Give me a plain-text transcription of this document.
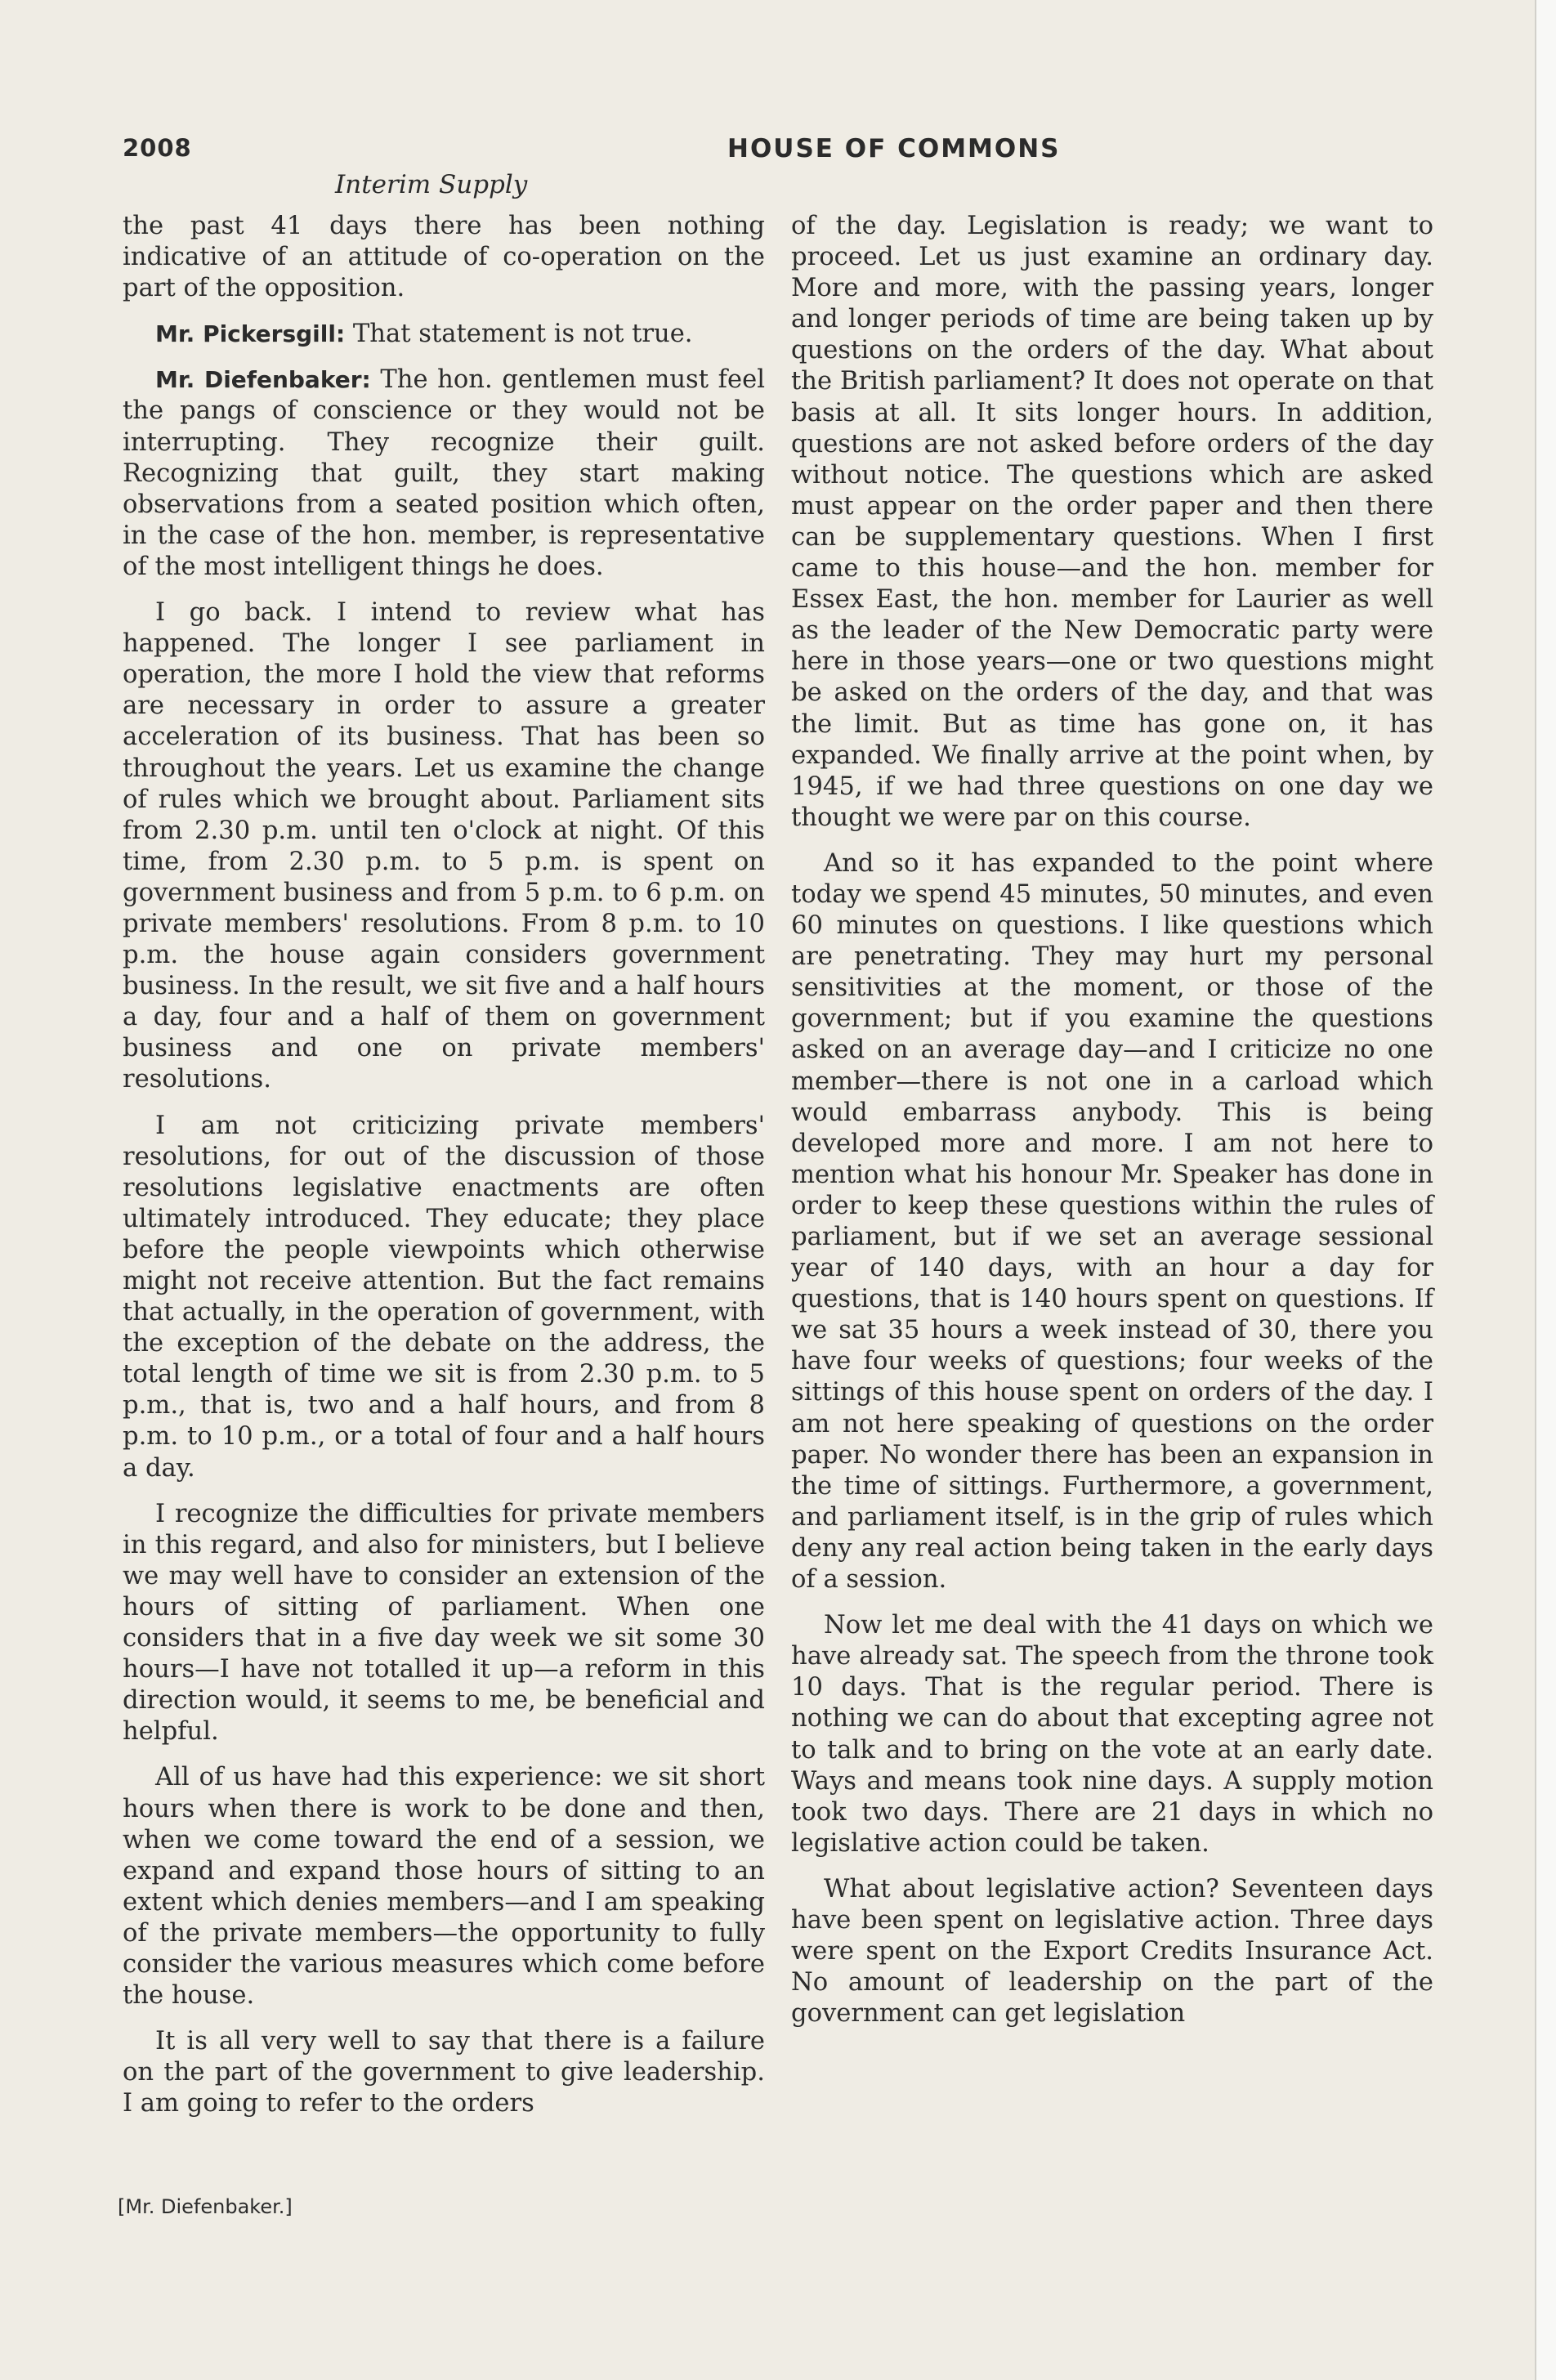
2008	HOUSE OF COMMONS
Interim Supply

the past 41 days there has been nothing indicative of an attitude of co-operation on the part of the opposition.

Mr. Pickersgill: That statement is not true.

Mr. Diefenbaker: The hon. gentlemen must feel the pangs of conscience or they would not be interrupting. They recognize their guilt. Recognizing that guilt, they start making observations from a seated position which often, in the case of the hon. member, is representative of the most intelligent things he does.

I go back. I intend to review what has happened. The longer I see parliament in operation, the more I hold the view that reforms are necessary in order to assure a greater acceleration of its business. That has been so throughout the years. Let us examine the change of rules which we brought about. Parliament sits from 2.30 p.m. until ten o'clock at night. Of this time, from 2.30 p.m. to 5 p.m. is spent on government business and from 5 p.m. to 6 p.m. on private members' resolutions. From 8 p.m. to 10 p.m. the house again considers government business. In the result, we sit five and a half hours a day, four and a half of them on government business and one on private members' resolutions.

I am not criticizing private members' resolutions, for out of the discussion of those resolutions legislative enactments are often ultimately introduced. They educate; they place before the people viewpoints which otherwise might not receive attention. But the fact remains that actually, in the operation of government, with the exception of the debate on the address, the total length of time we sit is from 2.30 p.m. to 5 p.m., that is, two and a half hours, and from 8 p.m. to 10 p.m., or a total of four and a half hours a day.

I recognize the difficulties for private members in this regard, and also for ministers, but I believe we may well have to consider an extension of the hours of sitting of parliament. When one considers that in a five day week we sit some 30 hours—I have not totalled it up—a reform in this direction would, it seems to me, be beneficial and helpful.

All of us have had this experience: we sit short hours when there is work to be done and then, when we come toward the end of a session, we expand and expand those hours of sitting to an extent which denies members—and I am speaking of the private members—the opportunity to fully consider the various measures which come before the house.

It is all very well to say that there is a failure on the part of the government to give leadership. I am going to refer to the orders

of the day. Legislation is ready; we want to proceed. Let us just examine an ordinary day. More and more, with the passing years, longer and longer periods of time are being taken up by questions on the orders of the day. What about the British parliament? It does not operate on that basis at all. It sits longer hours. In addition, questions are not asked before orders of the day without notice. The questions which are asked must appear on the order paper and then there can be supplementary questions. When I first came to this house—and the hon. member for Essex East, the hon. member for Laurier as well as the leader of the New Democratic party were here in those years—one or two questions might be asked on the orders of the day, and that was the limit. But as time has gone on, it has expanded. We finally arrive at the point when, by 1945, if we had three questions on one day we thought we were par on this course.

And so it has expanded to the point where today we spend 45 minutes, 50 minutes, and even 60 minutes on questions. I like questions which are penetrating. They may hurt my personal sensitivities at the moment, or those of the government; but if you examine the questions asked on an average day—and I criticize no one member—there is not one in a carload which would embarrass anybody. This is being developed more and more. I am not here to mention what his honour Mr. Speaker has done in order to keep these questions within the rules of parliament, but if we set an average sessional year of 140 days, with an hour a day for questions, that is 140 hours spent on questions. If we sat 35 hours a week instead of 30, there you have four weeks of questions; four weeks of the sittings of this house spent on orders of the day. I am not here speaking of questions on the order paper. No wonder there has been an expansion in the time of sittings. Furthermore, a government, and parliament itself, is in the grip of rules which deny any real action being taken in the early days of a session.

Now let me deal with the 41 days on which we have already sat. The speech from the throne took 10 days. That is the regular period. There is nothing we can do about that excepting agree not to talk and to bring on the vote at an early date. Ways and means took nine days. A supply motion took two days. There are 21 days in which no legislative action could be taken.

What about legislative action? Seventeen days have been spent on legislative action. Three days were spent on the Export Credits Insurance Act. No amount of leadership on the part of the government can get legislation

[Mr. Diefenbaker.]
